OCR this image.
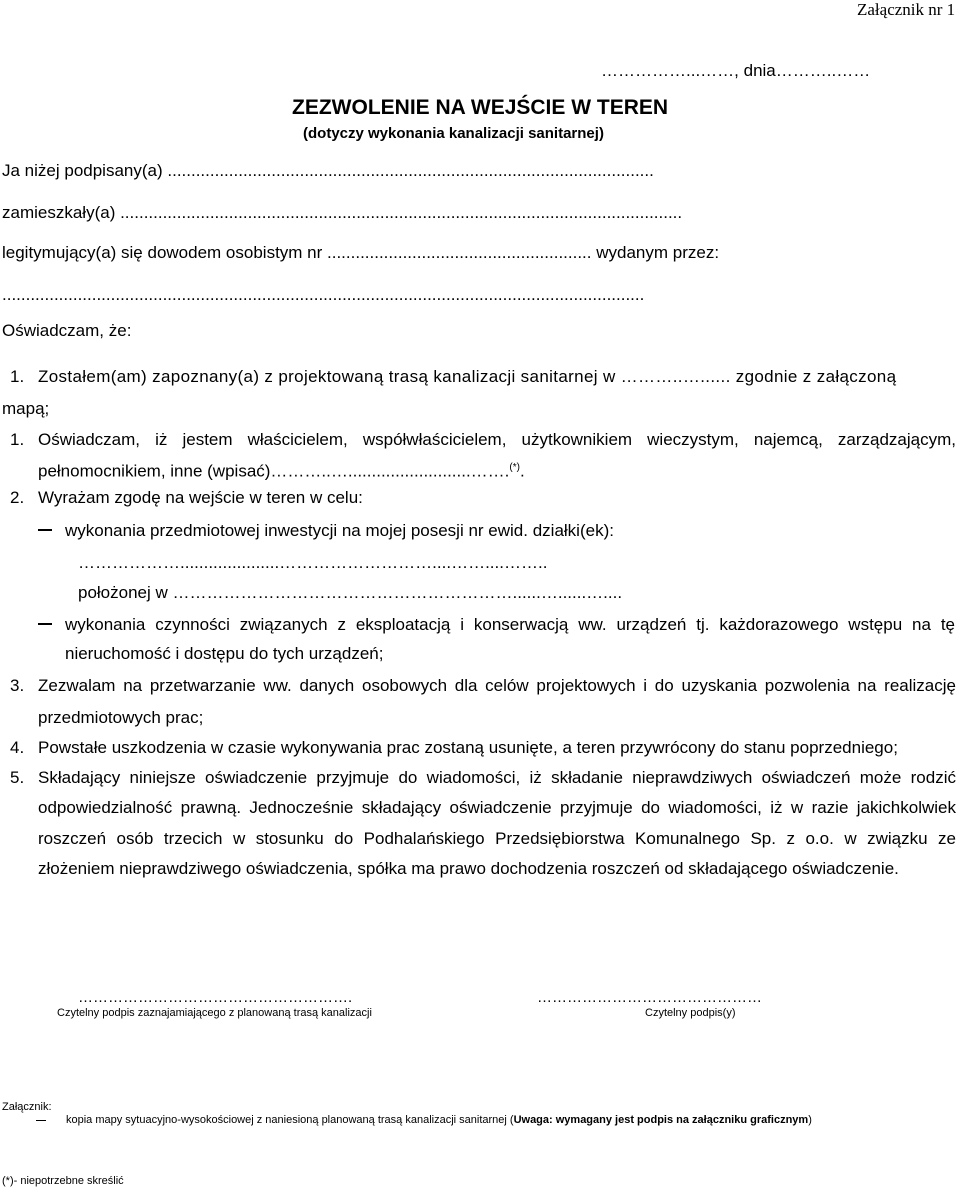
Załącznik nr 1
……………...……, dnia………..……
ZEZWOLENIE NA WEJŚCIE W TEREN
(dotyczy wykonania kanalizacji sanitarnej)
Ja niżej podpisany(a) .......................................................................................................
zamieszkały(a) .......................................................................................................................
legitymujący(a) się dowodem osobistym nr ........................................................ wydanym przez:
........................................................................................................................................
Oświadczam, że:
1. Zostałem(am) zapoznany(a) z projektowaną trasą kanalizacji sanitarnej w ………..…...... zgodnie z załączoną
mapą;
1. Oświadczam, iż jestem właścicielem, współwłaścicielem, użytkownikiem wieczystym, najemcą, zarządzającym,
pełnomocnikiem, inne (wpisać)………..…..........................…….(*).
2. Wyrażam zgodę na wejście w teren w celu:
wykonania przedmiotowej inwestycji na mojej posesji nr ewid. działki(ek):
……………….....................………………………....……....……..
położonej w ……………………………………………………......…......…....
wykonania czynności związanych z eksploatacją i konserwacją ww. urządzeń tj. każdorazowego wstępu na tę
nieruchomość i dostępu do tych urządzeń;
3. Zezwalam na przetwarzanie ww. danych osobowych dla celów projektowych i do uzyskania pozwolenia na realizację
przedmiotowych prac;
4. Powstałe uszkodzenia w czasie wykonywania prac zostaną usunięte, a teren przywrócony do stanu poprzedniego;
5. Składający niniejsze oświadczenie przyjmuje do wiadomości, iż składanie nieprawdziwych oświadczeń może rodzić
odpowiedzialność prawną. Jednocześnie składający oświadczenie przyjmuje do wiadomości, iż w razie jakichkolwiek
roszczeń osób trzecich w stosunku do Podhalańskiego Przedsiębiorstwa Komunalnego Sp. z o.o. w związku ze
złożeniem nieprawdziwego oświadczenia, spółka ma prawo dochodzenia roszczeń od składającego oświadczenie.
……………………………………………….
Czytelny podpis zaznajamiającego z planowaną trasą kanalizacji
………………………………………
Czytelny podpis(y)
Załącznik:
kopia mapy sytuacyjno-wysokościowej z naniesioną planowaną trasą kanalizacji sanitarnej (Uwaga: wymagany jest podpis na załączniku graficznym)
(*)- niepotrzebne skreślić
